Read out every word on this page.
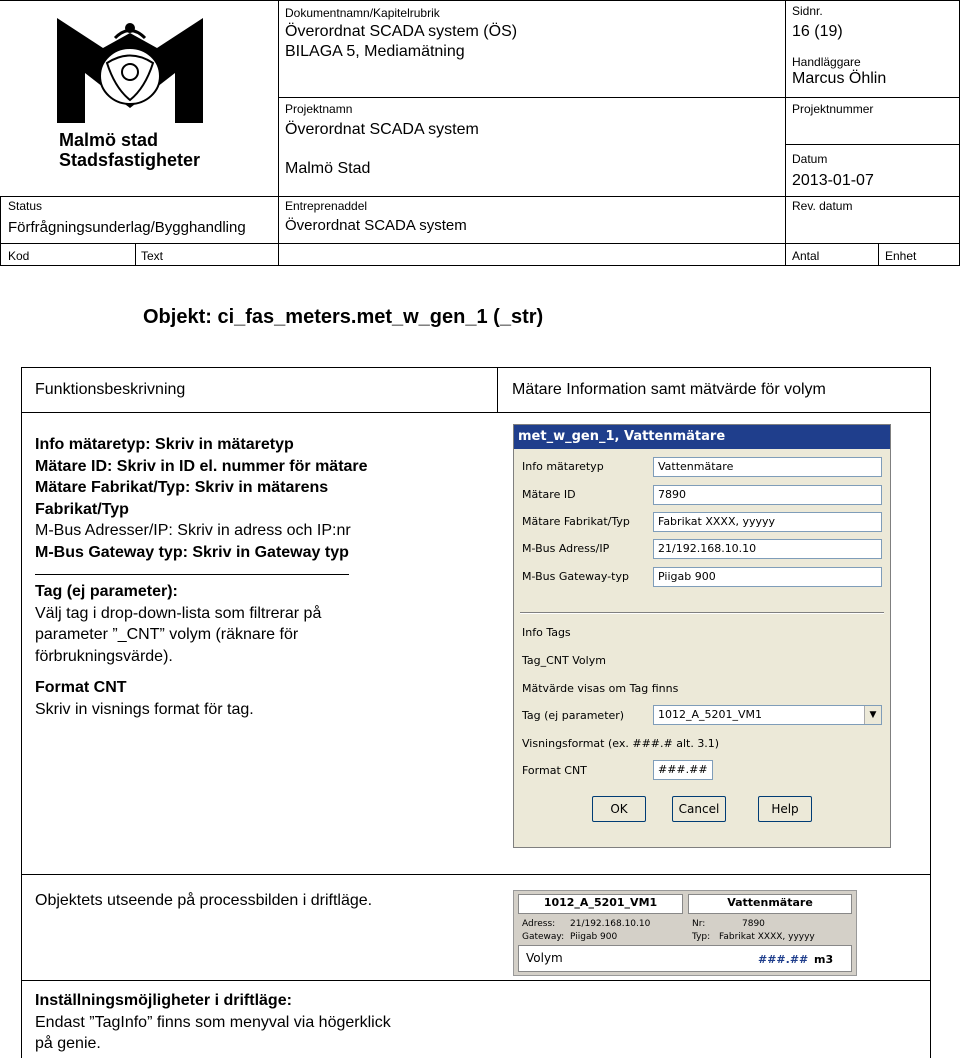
Malmö stad
Stadsfastigheter
Dokumentnamn/Kapitelrubrik
Överordnat SCADA system (ÖS)
BILAGA 5, Mediamätning
Sidnr.
16 (19)
Handläggare
Marcus Öhlin
Projektnamn
Överordnat SCADA system
Malmö Stad
Projektnummer
Datum
2013-01-07
Status
Förfrågningsunderlag/Bygghandling
Entreprenaddel
Överordnat SCADA system
Rev. datum
Kod	Text	Antal	Enhet
Objekt: ci_fas_meters.met_w_gen_1 (_str)
Funktionsbeskrivning	Mätare Information samt mätvärde för volym
Info mätaretyp: Skriv in mätaretyp
Mätare ID: Skriv in ID el. nummer för mätare
Mätare Fabrikat/Typ: Skriv in mätarens
Fabrikat/Typ
M-Bus Adresser/IP: Skriv in adress och IP:nr
M-Bus Gateway typ: Skriv in Gateway typ
Tag (ej parameter):
Välj tag i drop-down-lista som filtrerar på
parameter ”_CNT” volym (räknare för
förbrukningsvärde).
Format CNT
Skriv in visnings format för tag.
met_w_gen_1, Vattenmätare
Info mätaretyp	Vattenmätare
Mätare ID	7890
Mätare Fabrikat/Typ	Fabrikat XXXX, yyyyy
M-Bus Adress/IP	21/192.168.10.10
M-Bus Gateway-typ	Piigab 900
Info Tags
Tag_CNT Volym
Mätvärde visas om Tag finns
Tag (ej parameter)	1012_A_5201_VM1	▼
Visningsformat (ex. ###.# alt. 3.1)
Format CNT	###.##
OK	Cancel	Help
Objektets utseende på processbilden i driftläge.	1012_A_5201_VM1	Vattenmätare
Adress: 21/192.168.10.10	Nr:	7890
Gateway: Piigab 900	Typ: Fabrikat XXXX, yyyyy
Volym	###.## m3
Inställningsmöjligheter i driftläge:
Endast ”TagInfo” finns som menyval via högerklick
på genie.
